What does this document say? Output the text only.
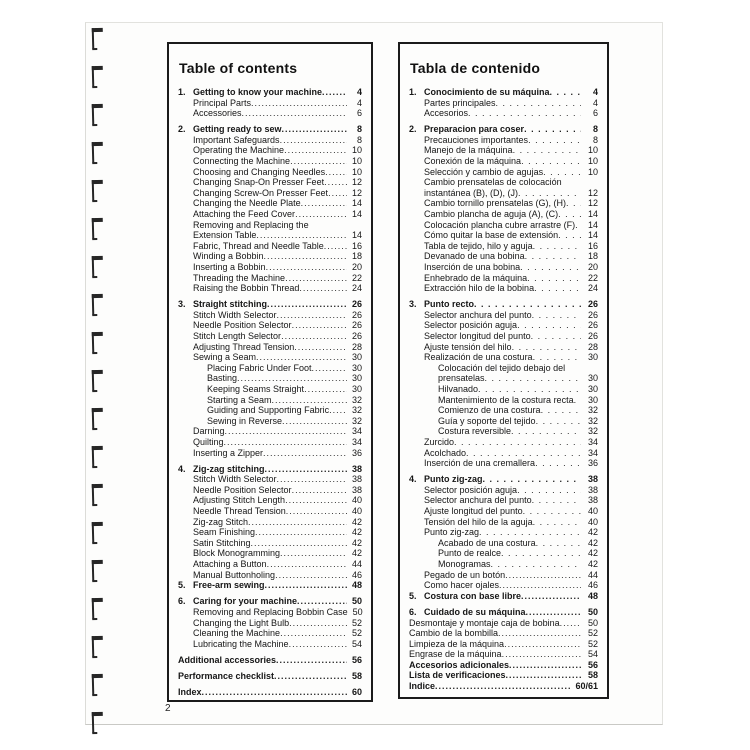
Table of contents
1. Getting to know your machine .....	4
Principal Parts .....	4
Accessories .....	6
2. Getting ready to sew .....	8
Important Safeguards .....	8
Operating the Machine .....	10
Connecting the Machine .....	10
Choosing and Changing Needles .....	10
Changing Snap-On Presser Feet .....	12
Changing Screw-On Presser Feet .....	12
Changing the Needle Plate .....	14
Attaching the Feed Cover .....	14
Removing and Replacing the
Extension Table .....	14
Fabric, Thread and Needle Table .....	16
Winding a Bobbin .....	18
Inserting a Bobbin .....	20
Threading the Machine .....	22
Raising the Bobbin Thread .....	24
3. Straight stitching .....	26
Stitch Width Selector .....	26
Needle Position Selector .....	26
Stitch Length Selector .....	26
Adjusting Thread Tension .....	28
Sewing a Seam .....	30
Placing Fabric Under Foot .....	30
Basting .....	30
Keeping Seams Straight .....	30
Starting a Seam .....	32
Guiding and Supporting Fabric .....	32
Sewing in Reverse .....	32
Darning .....	34
Quilting .....	34
Inserting a Zipper .....	36
4. Zig-zag stitching .....	38
Stitch Width Selector .....	38
Needle Position Selector .....	38
Adjusting Stitch Length .....	40
Needle Thread Tension .....	40
Zig-zag Stitch .....	42
Seam Finishing .....	42
Satin Stitching .....	42
Block Monogramming .....	42
Attaching a Button .....	44
Manual Buttonholing .....	46
5. Free-arm sewing .....	48
6. Caring for your machine .....	50
Removing and Replacing Bobbin Case 50
Changing the Light Bulb .....	52
Cleaning the Machine .....	52
Lubricating the Machine .....	54
Additional accessories .....	56
Performance checklist .....	58
Index .....	60
Tabla de contenido
1. Conocimiento de su máquina . . .	4
Partes principales . . .	4
Accesorios . . .	6
2. Preparacion para coser . . .	8
Precauciones importantes . . .	8
Manejo de la máquina . . .	10
Conexión de la máquina . . .	10
Selección y cambio de agujas . . .	10
Cambio prensatelas de colocación
instantánea (B), (D), (J) . . .	12
Cambio tornillo prensatelas (G), (H) . . .	12
Cambio plancha de aguja (A), (C) . . .	14
Colocación plancha cubre arrastre (F) . . .	14
Cómo quitar la base de extensión . . .	14
Tabla de tejido, hilo y aguja . . .	16
Devanado de una bobina . . .	18
Inserción de una bobina . . .	20
Enhebrado de la máquina . . .	22
Extracción hilo de la bobina . . .	24
3. Punto recto . . .	26
Selector anchura del punto . . .	26
Selector posición aguja . . .	26
Selector longitud del punto . . .	26
Ajuste tensión del hilo . . .	28
Realización de una costura . . .	30
Colocación del tejido debajo del
prensatelas . . .	30
Hilvanado . . .	30
Mantenimiento de la costura recta . . .	30
Comienzo de una costura . . .	32
Guía y soporte del tejido . . .	32
Costura reversible . . .	32
Zurcido . . .	34
Acolchado . . .	34
Inserción de una cremallera . . .	36
4. Punto zig-zag . . .	38
Selector posición aguja . . .	38
Selector anchura del punto . . .	38
Ajuste longitud del punto . . .	40
Tensión del hilo de la aguja . . .	40
Punto zig-zag . . .	42
Acabado de una costura . . .	42
Punto de realce . . .	42
Monogramas . . .	42
Pegado de un botón .....	44
Como hacer ojales .....	46
5. Costura con base libre .....	48
6. Cuidado de su máquina .....	50
Desmontaje y montaje caja de bobina .....	50
Cambio de la bombilla .....	52
Limpieza de la máquina .....	52
Engrase de la máquina .....	54
Accesorios adicionales .....	56
Lista de verificaciones .....	58
Indice .....	60/61
2
